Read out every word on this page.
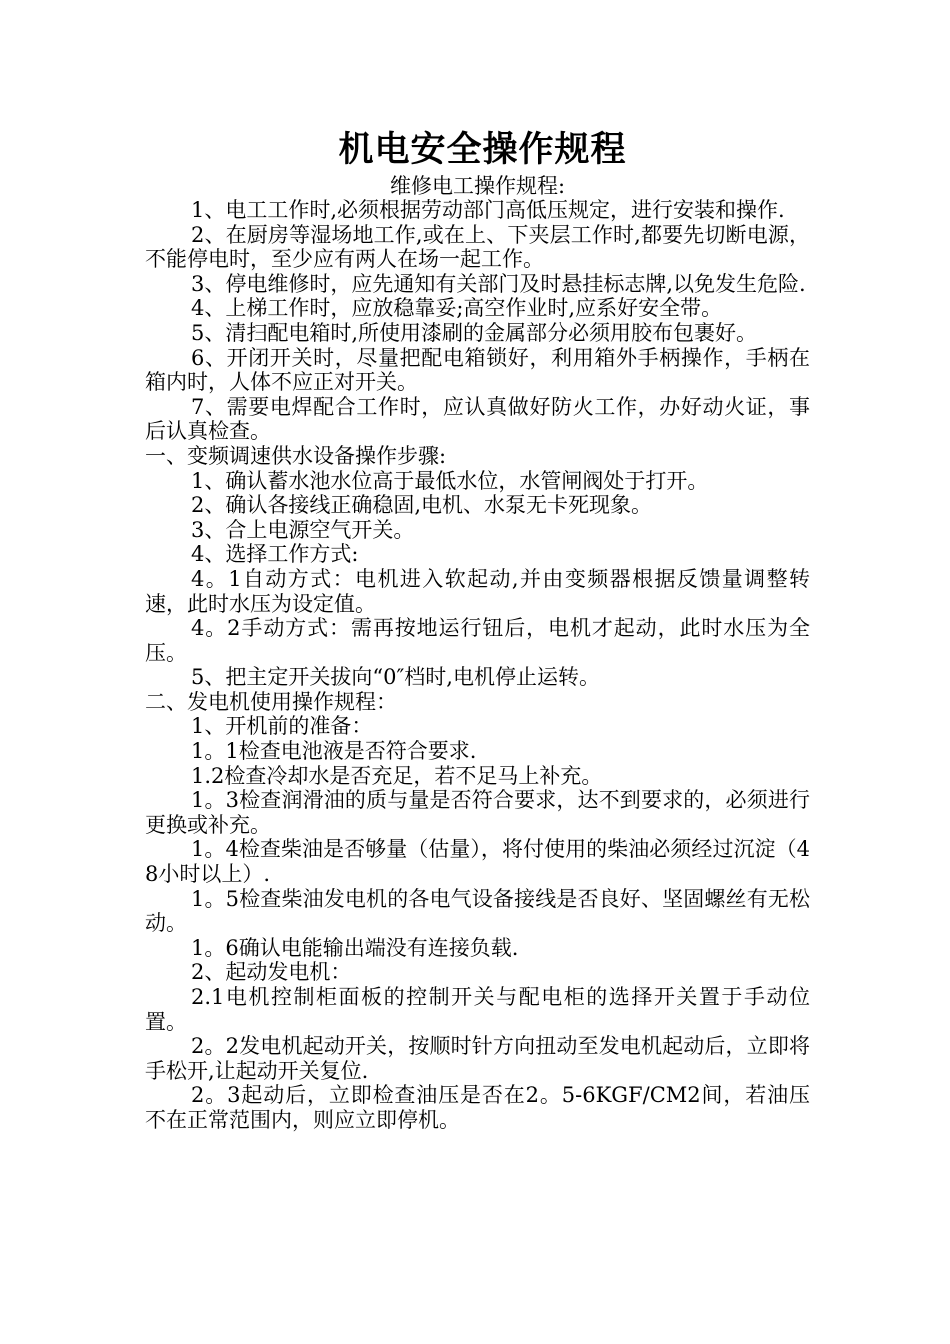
机电安全操作规程

维修电工操作规程:

1、电工工作时,必须根据劳动部门高低压规定，进行安装和操作.

2、在厨房等湿场地工作,或在上、下夹层工作时,都要先切断电源，不能停电时，至少应有两人在场一起工作。

3、停电维修时，应先通知有关部门及时悬挂标志牌,以免发生危险.

4、上梯工作时，应放稳靠妥;高空作业时,应系好安全带。

5、清扫配电箱时,所使用漆刷的金属部分必须用胶布包裹好。

6、开闭开关时，尽量把配电箱锁好，利用箱外手柄操作，手柄在箱内时，人体不应正对开关。

7、需要电焊配合工作时，应认真做好防火工作，办好动火证，事后认真检查。

一、变频调速供水设备操作步骤:

1、确认蓄水池水位高于最低水位，水管闸阀处于打开。

2、确认各接线正确稳固,电机、水泵无卡死现象。

3、合上电源空气开关。

4、选择工作方式:

4。1自动方式：电机进入软起动,并由变频器根据反馈量调整转速，此时水压为设定值。

4。2手动方式：需再按地运行钮后，电机才起动，此时水压为全压。

5、把主定开关拔向“0″档时,电机停止运转。

二、发电机使用操作规程：

1、开机前的准备：

1。1检查电池液是否符合要求.

1.2检查冷却水是否充足，若不足马上补充。

1。3检查润滑油的质与量是否符合要求，达不到要求的，必须进行更换或补充。

1。4检查柴油是否够量（估量），将付使用的柴油必须经过沉淀（48小时以上）.

1。5检查柴油发电机的各电气设备接线是否良好、坚固螺丝有无松动。

1。6确认电能输出端没有连接负载.

2、起动发电机：

2.1电机控制柜面板的控制开关与配电柜的选择开关置于手动位置。

2。2发电机起动开关，按顺时针方向扭动至发电机起动后，立即将手松开,让起动开关复位.

2。3起动后，立即检查油压是否在2。5-6KGF/CM2间，若油压不在正常范围内，则应立即停机。
